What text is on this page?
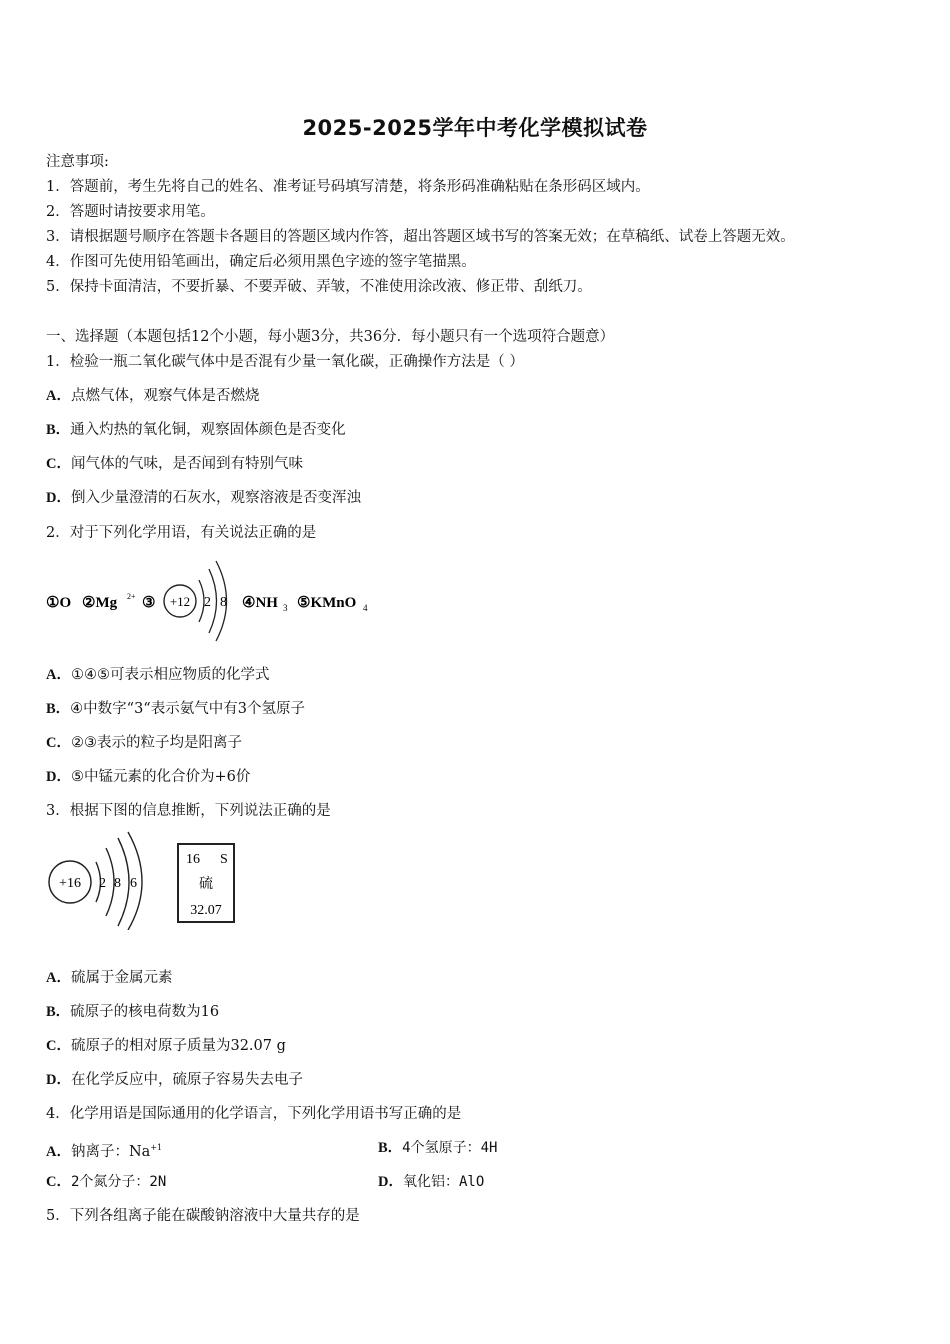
2025-2025学年中考化学模拟试卷
注意事项:
1．答题前，考生先将自己的姓名、准考证号码填写清楚，将条形码准确粘贴在条形码区域内。
2．答题时请按要求用笔。
3．请根据题号顺序在答题卡各题目的答题区域内作答，超出答题区域书写的答案无效；在草稿纸、试卷上答题无效。
4．作图可先使用铅笔画出，确定后必须用黑色字迹的签字笔描黑。
5．保持卡面清洁，不要折暴、不要弄破、弄皱，不准使用涂改液、修正带、刮纸刀。
一、选择题（本题包括12个小题，每小题3分，共36分．每小题只有一个选项符合题意）
1．检验一瓶二氧化碳气体中是否混有少量一氧化碳，正确操作方法是（ ）
A．点燃气体，观察气体是否燃烧
B．通入灼热的氧化铜，观察固体颜色是否变化
C．闻气体的气味，是否闻到有特别气味
D．倒入少量澄清的石灰水，观察溶液是否变浑浊
2．对于下列化学用语，有关说法正确的是
①O ②Mg 2+ ③ +12 2 8 ④NH 3 ⑤KMnO 4
A．①④⑤可表示相应物质的化学式
B．④中数字“3“表示氨气中有3个氢原子
C．②③表示的粒子均是阳离子
D．⑤中锰元素的化合价为+6价
3．根据下图的信息推断，下列说法正确的是
+16 2 8 6
16 S
硫
32.07
A．硫属于金属元素
B．硫原子的核电荷数为16
C．硫原子的相对原子质量为32.07 g
D．在化学反应中，硫原子容易失去电子
4．化学用语是国际通用的化学语言，下列化学用语书写正确的是
A．钠离子：$Na^{+1}$	B．4个氢原子：4H
C．2个氮分子：2N	D．氧化铝：AlO
5．下列各组离子能在碳酸钠溶液中大量共存的是
